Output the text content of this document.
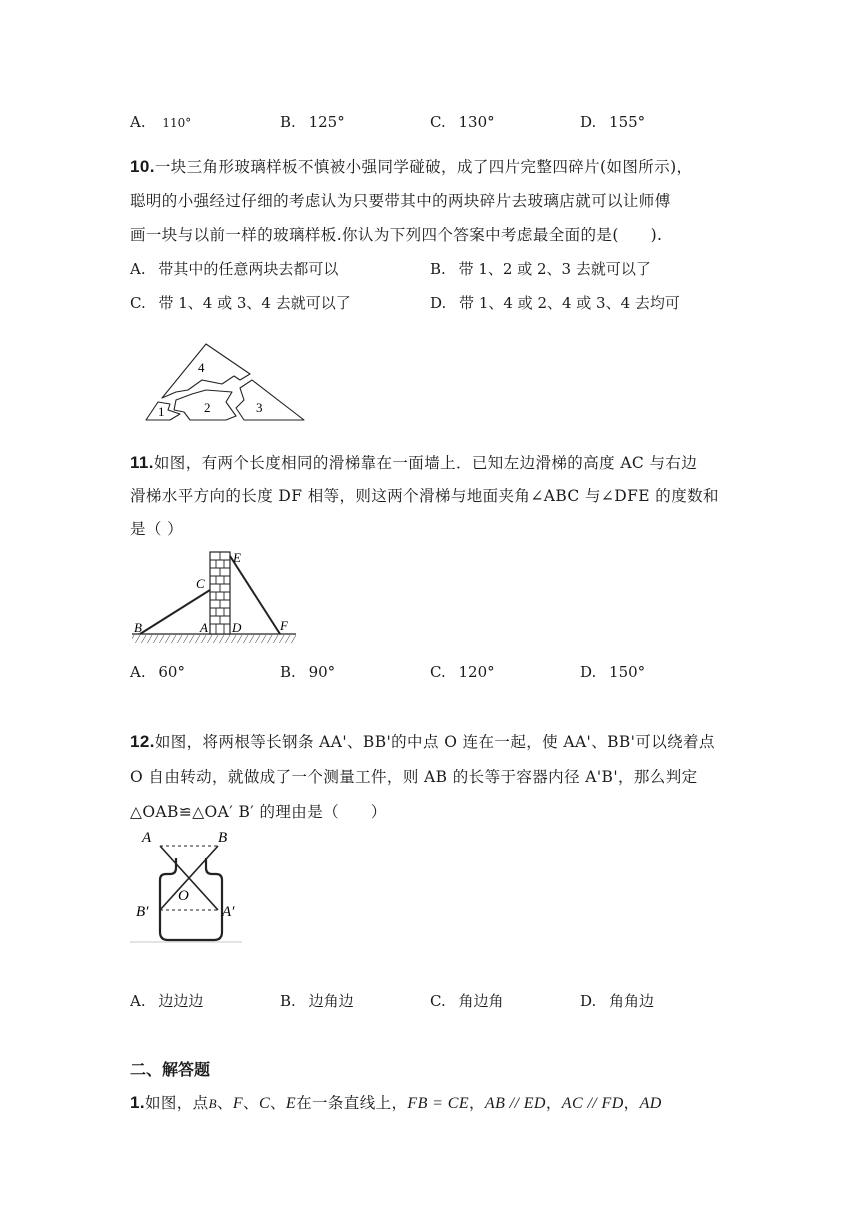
A. 110°	B. 125°	C. 130°	D. 155°
10.一块三角形玻璃样板不慎被小强同学碰破，成了四片完整四碎片(如图所示)，
聪明的小强经过仔细的考虑认为只要带其中的两块碎片去玻璃店就可以让师傅
画一块与以前一样的玻璃样板.你认为下列四个答案中考虑最全面的是(　　).
A. 带其中的任意两块去都可以	B. 带 1、2 或 2、3 去就可以了
C. 带 1、4 或 3、4 去就可以了	D. 带 1、4 或 2、4 或 3、4 去均可
4
1	2	3
11.如图，有两个长度相同的滑梯靠在一面墙上．已知左边滑梯的高度 AC 与右边
滑梯水平方向的长度 DF 相等，则这两个滑梯与地面夹角∠ABC 与∠DFE 的度数和
是（ ）
E
C
B	A D	F
A. 60°	B. 90°	C. 120°	D. 150°
12.如图，将两根等长钢条 AA'、BB'的中点 O 连在一起，使 AA'、BB'可以绕着点
O 自由转动，就做成了一个测量工件，则 AB 的长等于容器内径 A'B'，那么判定
△OAB≌△OA′ B′ 的理由是（　　）
A	B
O
B′	A′
A. 边边边	B. 边角边	C. 角边角	D. 角角边
二、解答题
1.如图，点B、F、C、E在一条直线上，FB = CE，AB // ED，AC // FD，AD
